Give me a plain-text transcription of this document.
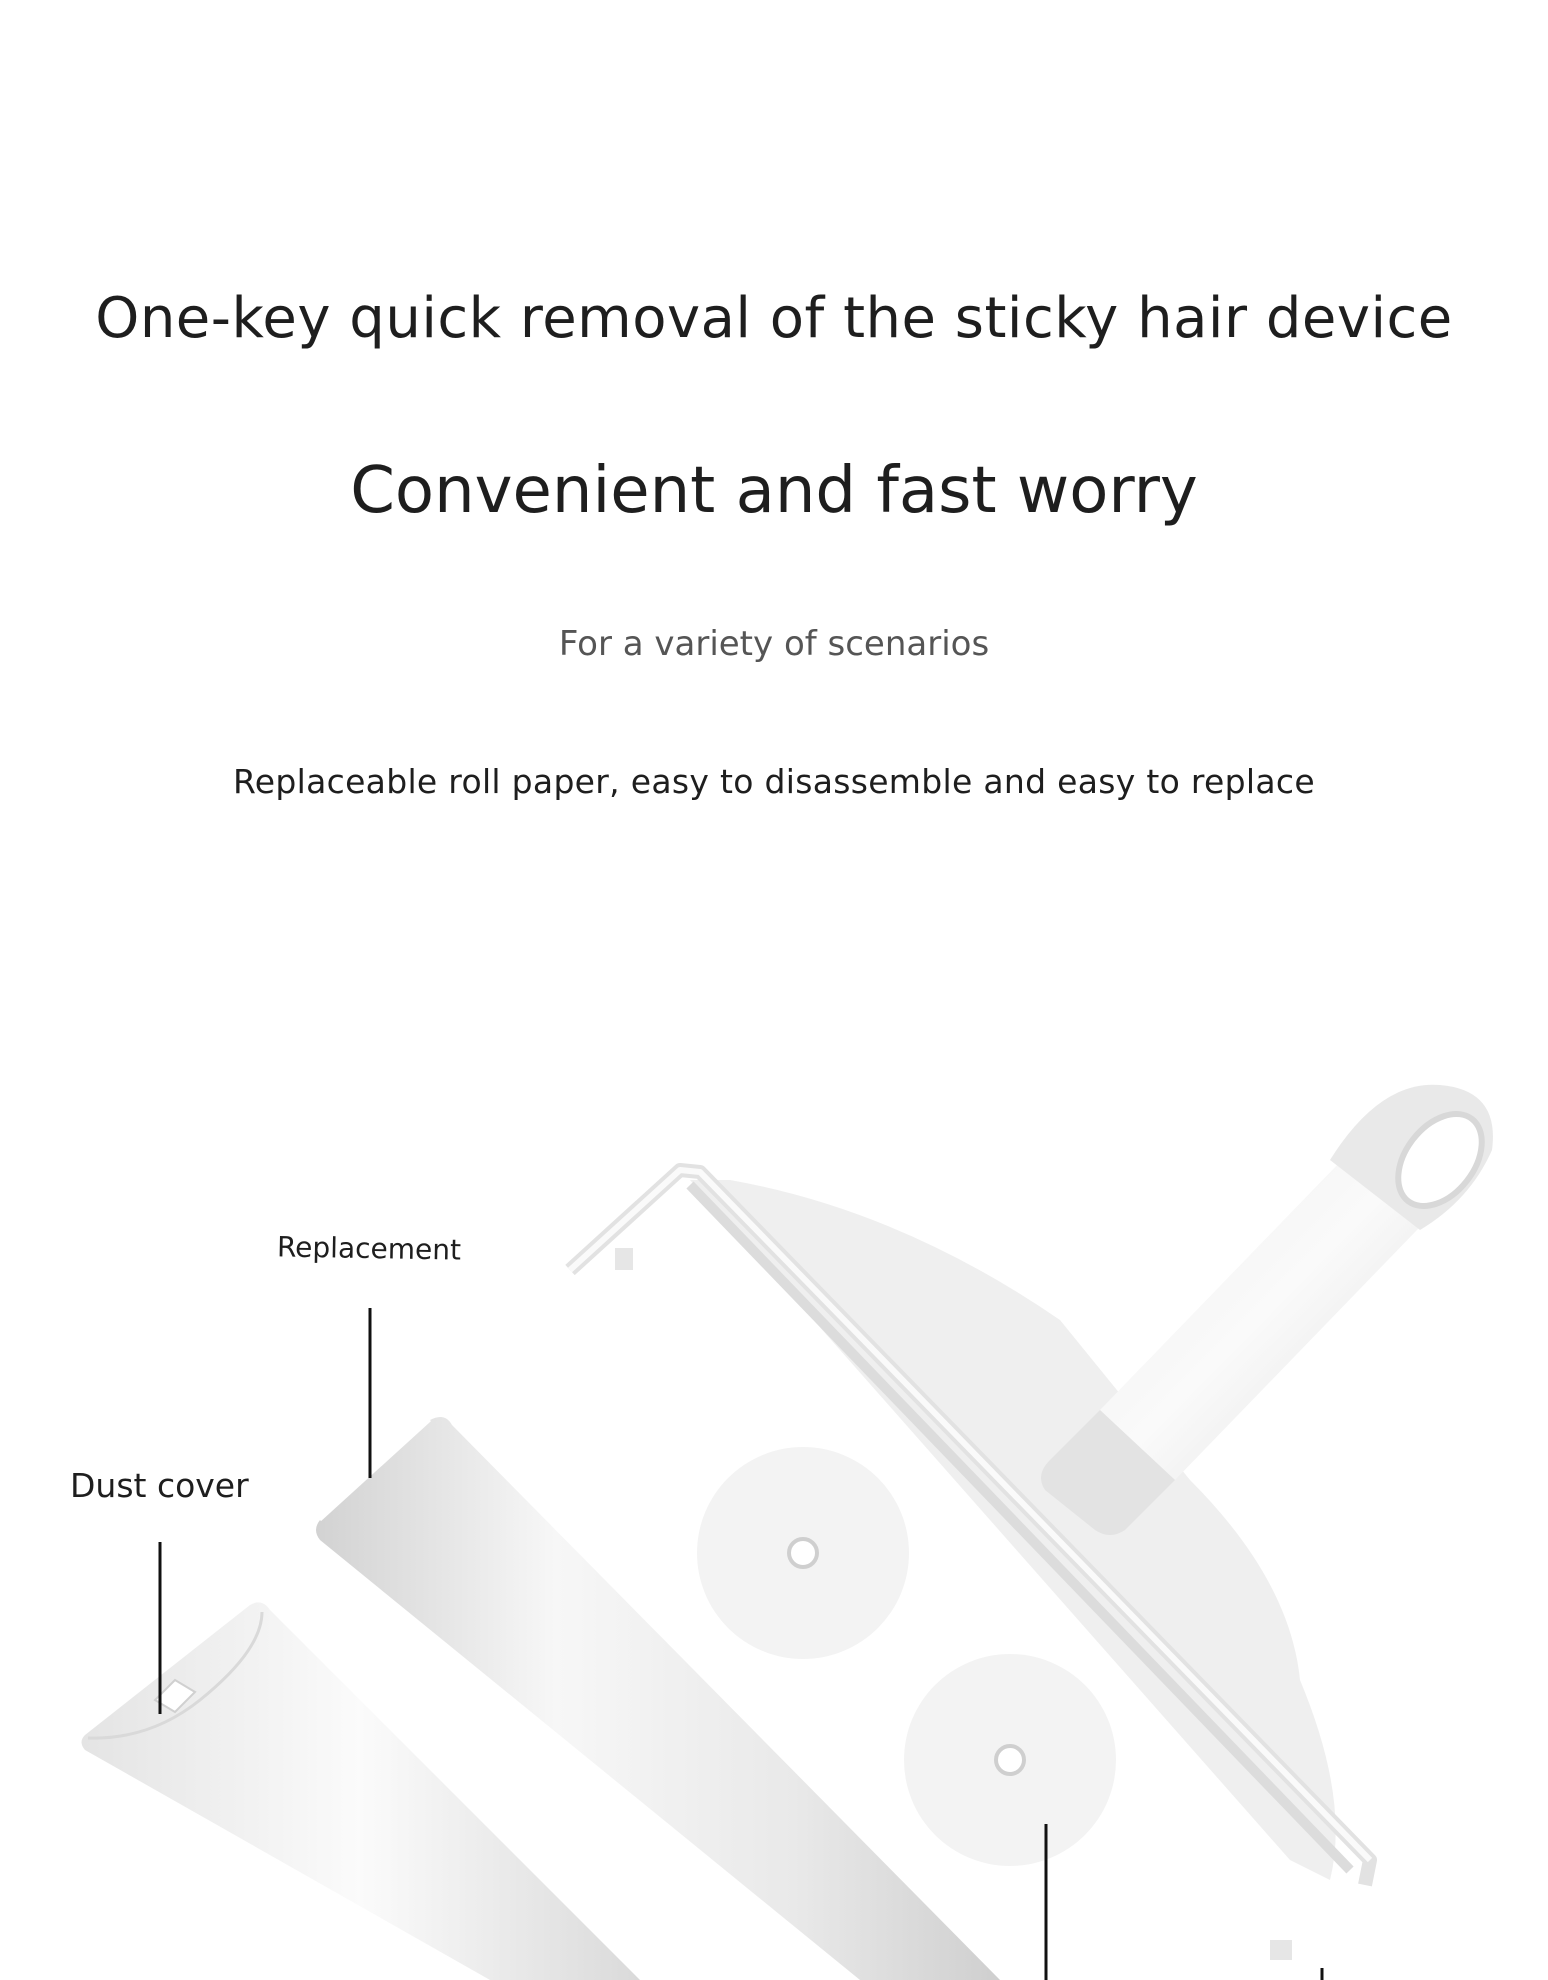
One-key quick removal of the sticky hair device
Convenient and fast worry

For a variety of scenarios

Replaceable roll paper, easy to disassemble and easy to replace

Replacement
Dust cover
